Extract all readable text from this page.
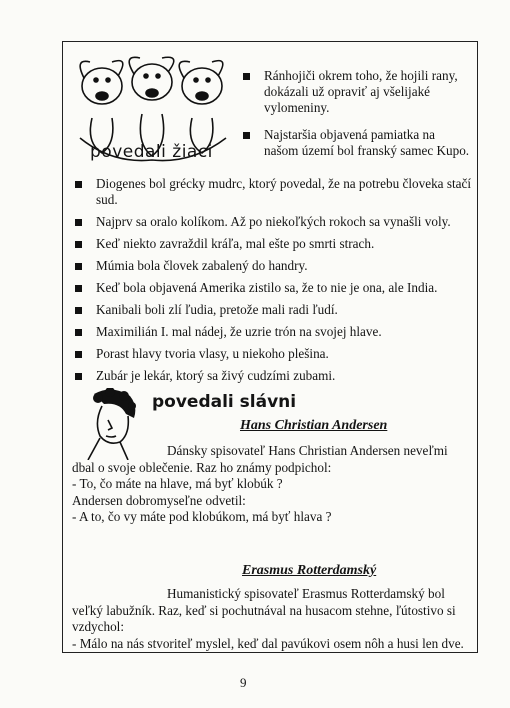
povedali žiaci
Ránhojiči okrem toho, že hojili rany, dokázali už opraviť aj všelijaké vylomeniny.
Najstaršia objavená pamiatka na našom území bol franský samec Kupo.
Diogenes bol grécky mudrc, ktorý povedal, že na potrebu človeka stačí sud.
Najprv sa oralo kolíkom. Až po niekoľkých rokoch sa vynašli voly.
Keď niekto zavraždil kráľa, mal ešte po smrti strach.
Múmia bola človek zabalený do handry.
Keď bola objavená Amerika zistilo sa, že to nie je ona, ale India.
Kanibali boli zlí ľudia, pretože mali radi ľudí.
Maximilián I. mal nádej, že uzrie trón na svojej hlave.
Porast hlavy tvoria vlasy, u niekoho plešina.
Zubár je lekár, ktorý sa živý cudzími zubami.
povedali slávni
Hans Christian Andersen

Dánsky spisovateľ Hans Christian Andersen neveľmi dbal o svoje oblečenie. Raz ho známy podpichol:

- To, čo máte na hlave, má byť klobúk ?

Andersen dobromyseľne odvetil:

- A to, čo vy máte pod klobúkom, má byť hlava ?

Erasmus Rotterdamský

Humanistický spisovateľ Erasmus Rotterdamský bol veľký labužník. Raz, keď si pochutnával na husacom stehne, ľútostivo si vzdychol:

- Málo na nás stvoriteľ myslel, keď dal pavúkovi osem nôh a husi len dve.

9
